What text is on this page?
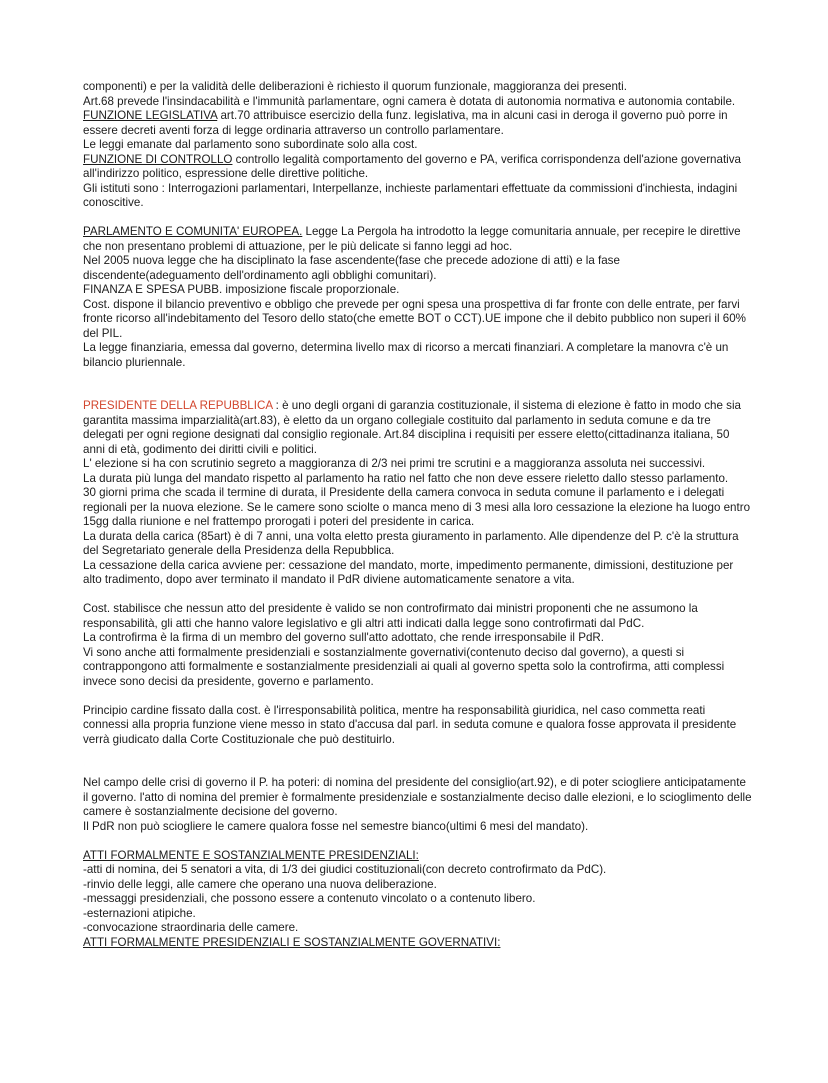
componenti) e per la validità delle deliberazioni è richiesto il quorum funzionale, maggioranza dei presenti.

Art.68 prevede l'insindacabilità e l'immunità parlamentare, ogni camera è dotata di autonomia normativa e autonomia contabile.

FUNZIONE LEGISLATIVA art.70 attribuisce esercizio della funz. legislativa, ma in alcuni casi in deroga il governo può porre in essere decreti aventi forza di legge ordinaria attraverso un controllo parlamentare.

Le leggi emanate dal parlamento sono subordinate solo alla cost.

FUNZIONE DI CONTROLLO controllo legalità comportamento del governo e PA, verifica corrispondenza dell'azione governativa all'indirizzo politico, espressione delle direttive politiche.

Gli istituti sono : Interrogazioni parlamentari, Interpellanze, inchieste parlamentari effettuate da commissioni d'inchiesta, indagini conoscitive.

PARLAMENTO E COMUNITA' EUROPEA. Legge La Pergola ha introdotto la legge comunitaria annuale, per recepire le direttive che non presentano problemi di attuazione, per le più delicate si fanno leggi ad hoc.

Nel 2005 nuova legge che ha disciplinato la fase ascendente(fase che precede adozione di atti) e la fase discendente(adeguamento dell'ordinamento agli obblighi comunitari).

FINANZA E SPESA PUBB. imposizione fiscale proporzionale.

Cost. dispone il bilancio preventivo e obbligo che prevede per ogni spesa una prospettiva di far fronte con delle entrate, per farvi fronte ricorso all'indebitamento del Tesoro dello stato(che emette BOT o CCT).UE impone che il debito pubblico non superi il 60% del PIL.

La legge finanziaria, emessa dal governo, determina livello max di ricorso a mercati finanziari. A completare la manovra c'è un bilancio pluriennale.

PRESIDENTE DELLA REPUBBLICA : è uno degli organi di garanzia costituzionale, il sistema di elezione è fatto in modo che sia garantita massima imparzialità(art.83), è eletto da un organo collegiale costituito dal parlamento in seduta comune e da tre delegati per ogni regione designati dal consiglio regionale. Art.84 disciplina i requisiti per essere eletto(cittadinanza italiana, 50 anni di età, godimento dei diritti civili e politici.

L' elezione si ha con scrutinio segreto a maggioranza di 2/3 nei primi tre scrutini e a maggioranza assoluta nei successivi.

La durata più lunga del mandato rispetto al parlamento ha ratio nel fatto che non deve essere rieletto dallo stesso parlamento.

30 giorni prima che scada il termine di durata, il Presidente della camera convoca in seduta comune il parlamento e i delegati regionali per la nuova elezione. Se le camere sono sciolte o manca meno di 3 mesi alla loro cessazione la elezione ha luogo entro 15gg dalla riunione e nel frattempo prorogati i poteri del presidente in carica.

La durata della carica (85art) è di 7 anni, una volta eletto presta giuramento in parlamento. Alle dipendenze del P. c'è la struttura del Segretariato generale della Presidenza della Repubblica.

La cessazione della carica avviene per: cessazione del mandato, morte, impedimento permanente, dimissioni, destituzione per alto tradimento, dopo aver terminato il mandato il PdR diviene automaticamente senatore a vita.

Cost. stabilisce che nessun atto del presidente è valido se non controfirmato dai ministri proponenti che ne assumono la responsabilità, gli atti che hanno valore legislativo e gli altri atti indicati dalla legge sono controfirmati dal PdC.

La controfirma è la firma di un membro del governo sull'atto adottato, che rende irresponsabile il PdR.

Vi sono anche atti formalmente presidenziali e sostanzialmente governativi(contenuto deciso dal governo), a questi si contrappongono atti formalmente e sostanzialmente presidenziali ai quali al governo spetta solo la controfirma, atti complessi invece sono decisi da presidente, governo e parlamento.

Principio cardine fissato dalla cost. è l'irresponsabilità politica, mentre ha responsabilità giuridica, nel caso commetta reati connessi alla propria funzione viene messo in stato d'accusa dal parl. in seduta comune e qualora fosse approvata il presidente verrà giudicato dalla Corte Costituzionale che può destituirlo.

Nel campo delle crisi di governo il P. ha poteri: di nomina del presidente del consiglio(art.92), e di poter sciogliere anticipatamente il governo. l'atto di nomina del premier è formalmente presidenziale e sostanzialmente deciso dalle elezioni, e lo scioglimento delle camere è sostanzialmente decisione del governo.

Il PdR non può sciogliere le camere qualora fosse nel semestre bianco(ultimi 6 mesi del mandato).

ATTI FORMALMENTE E SOSTANZIALMENTE PRESIDENZIALI:

-atti di nomina, dei 5 senatori a vita, di 1/3 dei giudici costituzionali(con decreto controfirmato da PdC).

-rinvio delle leggi, alle camere che operano una nuova deliberazione.

-messaggi presidenziali, che possono essere a contenuto vincolato o a contenuto libero.

-esternazioni atipiche.

-convocazione straordinaria delle camere.

ATTI FORMALMENTE PRESIDENZIALI E SOSTANZIALMENTE GOVERNATIVI:
